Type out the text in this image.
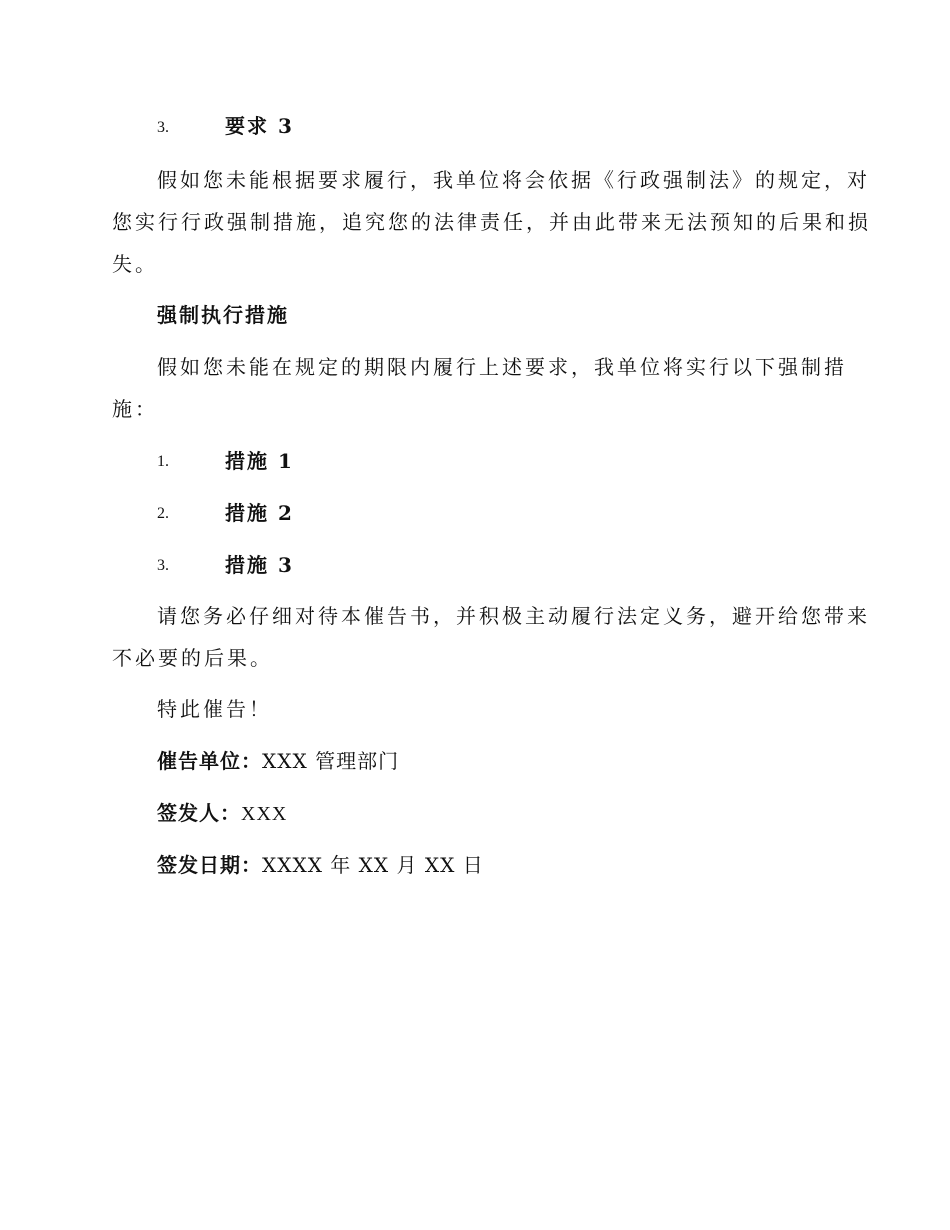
3.	要求 3
假如您未能根据要求履行，我单位将会依据《行政强制法》的规定，对
您实行行政强制措施，追究您的法律责任，并由此带来无法预知的后果和损
失。
强制执行措施
假如您未能在规定的期限内履行上述要求，我单位将实行以下强制措
施：
1.	措施 1
2.	措施 2
3.	措施 3
请您务必仔细对待本催告书，并积极主动履行法定义务，避开给您带来
不必要的后果。
特此催告！
催告单位：XXX 管理部门
签发人：XXX
签发日期：XXXX 年 XX 月 XX 日
